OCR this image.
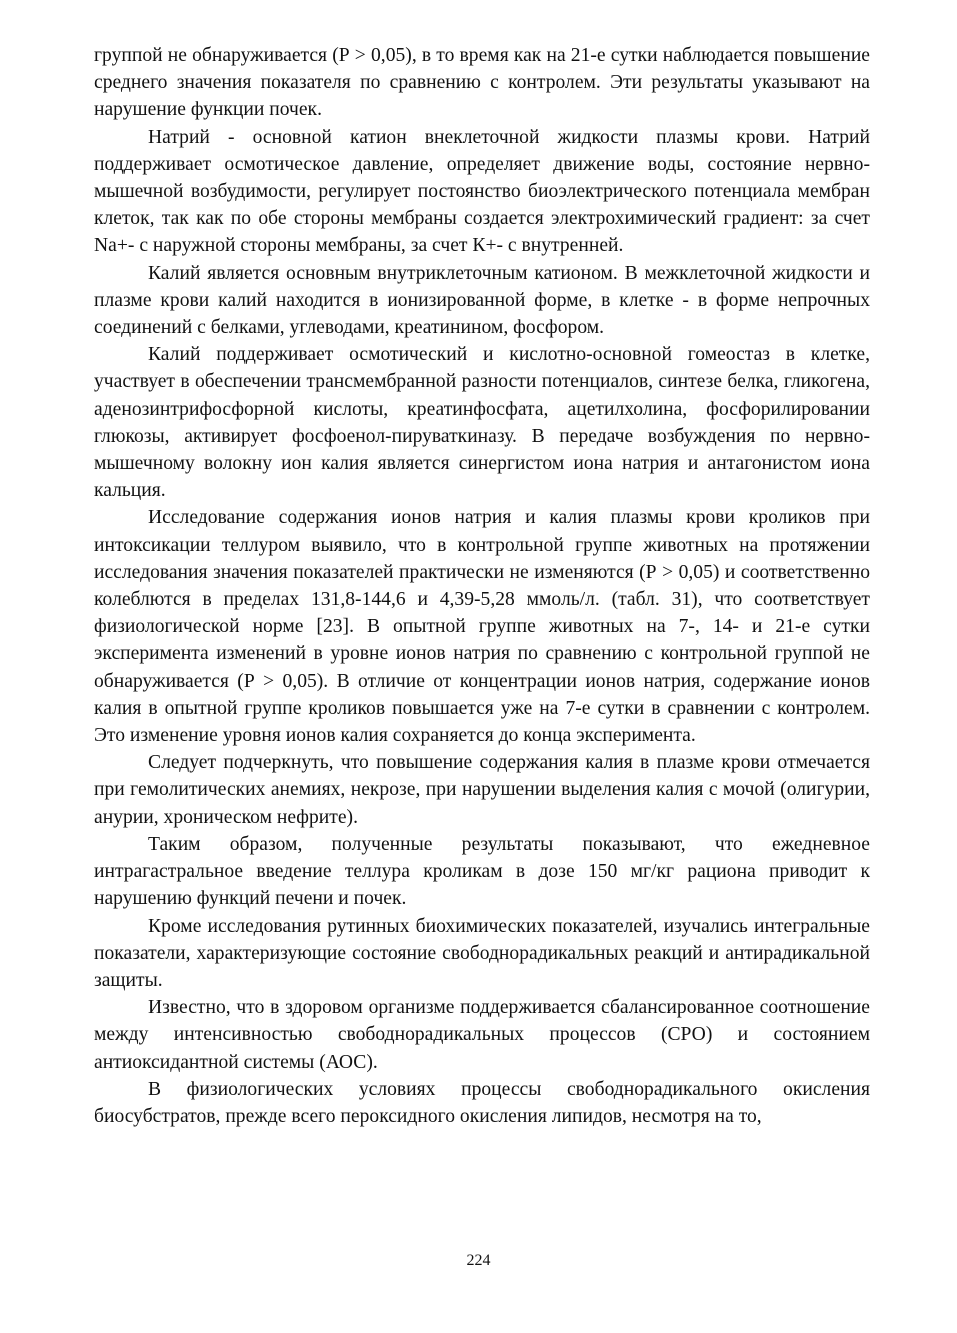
группой не обнаруживается (Р > 0,05), в то время как на 21-е сутки наблюдается повышение среднего значения показателя по сравнению с контролем. Эти результаты указывают на нарушение функции почек.

Натрий - основной катион внеклеточной жидкости плазмы крови. Натрий поддерживает осмотическое давление, определяет движение воды, состояние нервно-мышечной возбудимости, регулирует постоянство биоэлектрического потенциала мембран клеток, так как по обе стороны мембраны создается электрохимический градиент: за счет Na+- с наружной стороны мембраны, за счет К+- с внутренней.

Калий является основным внутриклеточным катионом. В межклеточной жидкости и плазме крови калий находится в ионизированной форме, в клетке - в форме непрочных соединений с белками, углеводами, креатинином, фосфором.

Калий поддерживает осмотический и кислотно-основной гомеостаз в клетке, участвует в обеспечении трансмембранной разности потенциалов, синтезе белка, гликогена, аденозинтрифосфорной кислоты, креатинфосфата, ацетилхолина, фосфорилировании глюкозы, активирует фосфоенол-пируваткиназу. В передаче возбуждения по нервно-мышечному волокну ион калия является синергистом иона натрия и антагонистом иона кальция.

Исследование содержания ионов натрия и калия плазмы крови кроликов при интоксикации теллуром выявило, что в контрольной группе животных на протяжении исследования значения показателей практически не изменяются (Р > 0,05) и соответственно колеблются в пределах 131,8-144,6 и 4,39-5,28 ммоль/л. (табл. 31), что соответствует физиологической норме [23]. В опытной группе животных на 7-, 14- и 21-е сутки эксперимента изменений в уровне ионов натрия по сравнению с контрольной группой не обнаруживается (Р > 0,05). В отличие от концентрации ионов натрия, содержание ионов калия в опытной группе кроликов повышается уже на 7-е сутки в сравнении с контролем. Это изменение уровня ионов калия сохраняется до конца эксперимента.

Следует подчеркнуть, что повышение содержания калия в плазме крови отмечается при гемолитических анемиях, некрозе, при нарушении выделения калия с мочой (олигурии, анурии, хроническом нефрите).

Таким образом, полученные результаты показывают, что ежедневное интрагастральное введение теллура кроликам в дозе 150 мг/кг рациона приводит к нарушению функций печени и почек.

Кроме исследования рутинных биохимических показателей, изучались интегральные показатели, характеризующие состояние свободнорадикальных реакций и антирадикальной защиты.

Известно, что в здоровом организме поддерживается сбалансированное соотношение между интенсивностью свободнорадикальных процессов (СРО) и состоянием антиоксидантной системы (АОС).

В физиологических условиях процессы свободнорадикального окисления биосубстратов, прежде всего пероксидного окисления липидов, несмотря на то,

224
